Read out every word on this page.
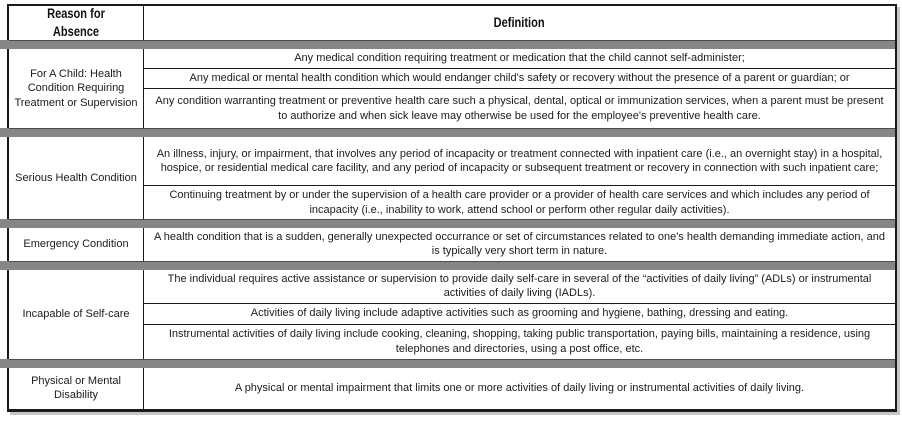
Reason for Absence
Definition
For A Child: Health Condition Requiring Treatment or Supervision
Any medical condition requiring treatment or medication that the child cannot self-administer;
Any medical or mental health condition which would endanger child's safety or recovery without the presence of a parent or guardian; or
Any condition warranting treatment or preventive health care such a physical, dental, optical or immunization services, when a parent must be present to authorize and when sick leave may otherwise be used for the employee's preventive health care.
Serious Health Condition
An illness, injury, or impairment, that involves any period of incapacity or treatment connected with inpatient care (i.e., an overnight stay) in a hospital, hospice, or residential medical care facility, and any period of incapacity or subsequent treatment or recovery in connection with such inpatient care;
Continuing treatment by or under the supervision of a health care provider or a provider of health care services and which includes any period of incapacity (i.e., inability to work, attend school or perform other regular daily activities).
Emergency Condition
A health condition that is a sudden, generally unexpected occurrance or set of circumstances related to one's health demanding immediate action, and is typically very short term in nature.
Incapable of Self-care
The individual requires active assistance or supervision to provide daily self-care in several of the “activities of daily living” (ADLs) or instrumental activities of daily living (IADLs).
Activities of daily living include adaptive activities such as grooming and hygiene, bathing, dressing and eating.
Instrumental activities of daily living include cooking, cleaning, shopping, taking public transportation, paying bills, maintaining a residence, using telephones and directories, using a post office, etc.
Physical or Mental Disability
A physical or mental impairment that limits one or more activities of daily living or instrumental activities of daily living.
